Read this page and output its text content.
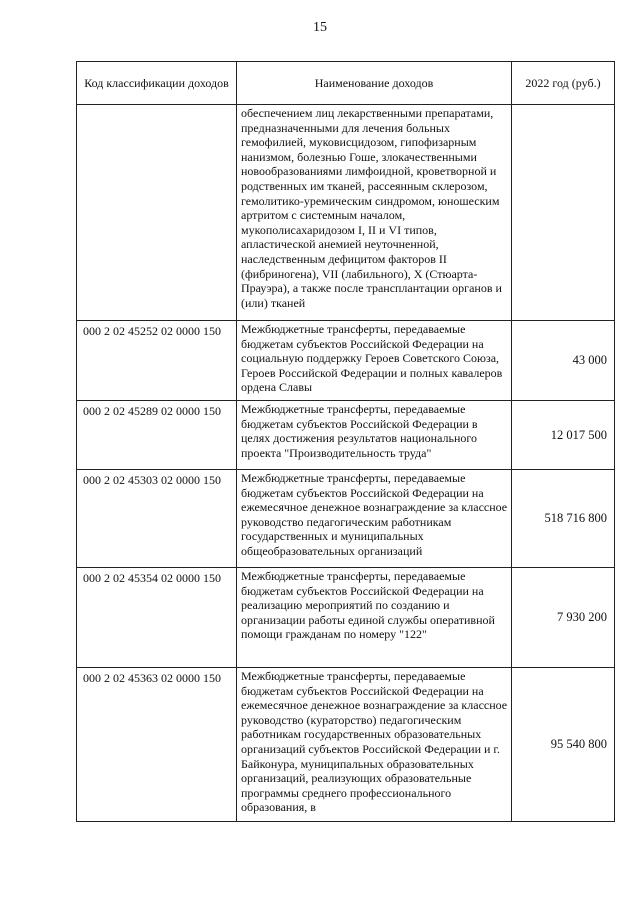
15
Код классификации доходов	Наименование доходов	2022 год (руб.)
	обеспечением лиц лекарственными препаратами, предназначенными для лечения больных гемофилией, муковисцидозом, гипофизарным нанизмом, болезнью Гоше, злокачественными новообразованиями лимфоидной, кроветворной и родственных им тканей, рассеянным склерозом, гемолитико-уремическим синдромом, юношеским артритом с системным началом, мукополисахаридозом I, II и VI типов, апластической анемией неуточненной, наследственным дефицитом факторов II (фибриногена), VII (лабильного), X (Стюарта-Прауэра), а также после трансплантации органов и (или) тканей	
000 2 02 45252 02 0000 150	Межбюджетные трансферты, передаваемые бюджетам субъектов Российской Федерации на социальную поддержку Героев Советского Союза, Героев Российской Федерации и полных кавалеров ордена Славы	43 000
000 2 02 45289 02 0000 150	Межбюджетные трансферты, передаваемые бюджетам субъектов Российской Федерации в целях достижения результатов национального проекта "Производительность труда"	12 017 500
000 2 02 45303 02 0000 150	Межбюджетные трансферты, передаваемые бюджетам субъектов Российской Федерации на ежемесячное денежное вознаграждение за классное руководство педагогическим работникам государственных и муниципальных общеобразовательных организаций	518 716 800
000 2 02 45354 02 0000 150	Межбюджетные трансферты, передаваемые бюджетам субъектов Российской Федерации на реализацию мероприятий по созданию и организации работы единой службы оперативной помощи гражданам по номеру "122"	7 930 200
000 2 02 45363 02 0000 150	Межбюджетные трансферты, передаваемые бюджетам субъектов Российской Федерации на ежемесячное денежное вознаграждение за классное руководство (кураторство) педагогическим работникам государственных образовательных организаций субъектов Российской Федерации и г. Байконура, муниципальных образовательных организаций, реализующих образовательные программы среднего профессионального образования, в	95 540 800
